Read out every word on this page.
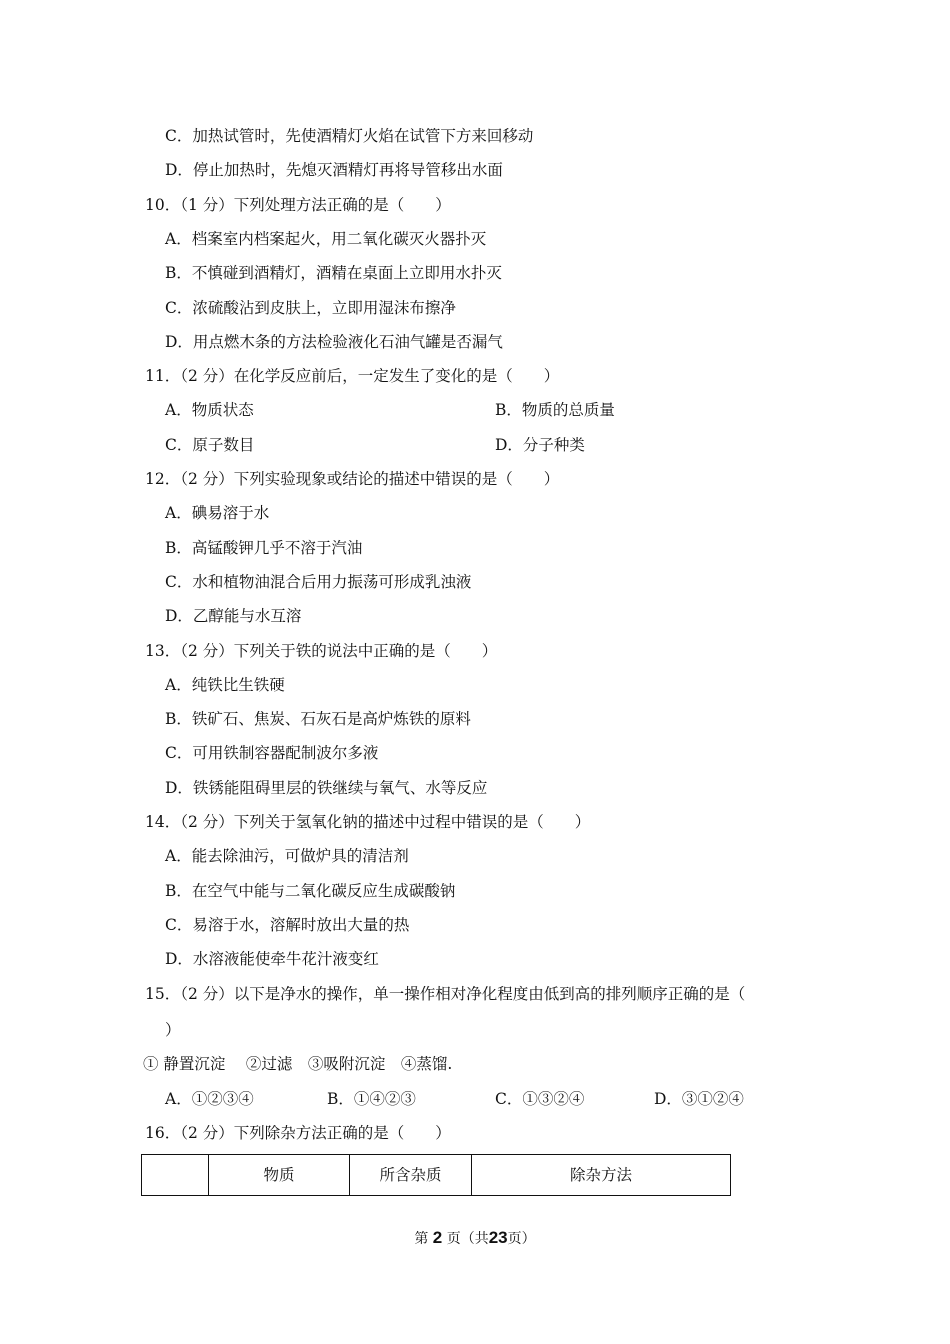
C．加热试管时，先使酒精灯火焰在试管下方来回移动
D．停止加热时，先熄灭酒精灯再将导管移出水面
10．（1 分）下列处理方法正确的是（　　）
A．档案室内档案起火，用二氧化碳灭火器扑灭
B．不慎碰到酒精灯，酒精在桌面上立即用水扑灭
C．浓硫酸沾到皮肤上，立即用湿沫布擦净
D．用点燃木条的方法检验液化石油气罐是否漏气
11．（2 分）在化学反应前后，一定发生了变化的是（　　）
A．物质状态	B．物质的总质量
C．原子数目	D．分子种类
12．（2 分）下列实验现象或结论的描述中错误的是（　　）
A．碘易溶于水
B．高锰酸钾几乎不溶于汽油
C．水和植物油混合后用力振荡可形成乳浊液
D．乙醇能与水互溶
13．（2 分）下列关于铁的说法中正确的是（　　）
A．纯铁比生铁硬
B．铁矿石、焦炭、石灰石是高炉炼铁的原料
C．可用铁制容器配制波尔多液
D．铁锈能阻碍里层的铁继续与氧气、水等反应
14．（2 分）下列关于氢氧化钠的描述中过程中错误的是（　　）
A．能去除油污，可做炉具的清洁剂
B．在空气中能与二氧化碳反应生成碳酸钠
C．易溶于水，溶解时放出大量的热
D．水溶液能使牵牛花汁液变红
15．（2 分）以下是净水的操作，单一操作相对净化程度由低到高的排列顺序正确的是（
）
① 静置沉淀　 ②过滤　③吸附沉淀　④蒸馏.
A．①②③④	B．①④②③	C．①③②④	D．③①②④
16．（2 分）下列除杂方法正确的是（　　）
	物质	所含杂质	除杂方法
第 2 页（共23页）
